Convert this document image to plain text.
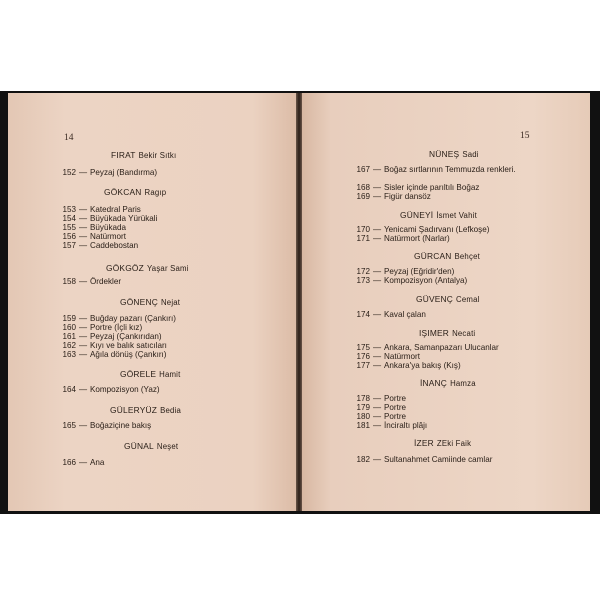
14
FIRAT Bekir Sıtkı
152 — Peyzaj (Bandırma)
GÖKCAN Ragıp
153 — Katedral Paris
154 — Büyükada Yürükali
155 — Büyükada
156 — Natürmort
157 — Caddebostan
GÖKGÖZ Yaşar Sami
158 — Ördekler
GÖNENÇ Nejat
159 — Buğday pazarı (Çankırı)
160 — Portre (İçli kız)
161 — Peyzaj (Çankırıdan)
162 — Kıyı ve balık satıcıları
163 — Ağıla dönüş (Çankırı)
GÖRELE Hamit
164 — Kompozisyon (Yaz)
GÜLERYÜZ Bedia
165 — Boğaziçine bakış
GÜNAL Neşet
166 — Ana
15
NÜNEŞ Sadi
167 — Boğaz sırtlarının Temmuzda renkleri.
168 — Sisler içinde parıltılı Boğaz
169 — Figür dansöz
GÜNEYİ İsmet Vahit
170 — Yenicami Şadırvanı (Lefkoşe)
171 — Natürmort (Narlar)
GÜRCAN Behçet
172 — Peyzaj (Eğridir'den)
173 — Kompozisyon (Antalya)
GÜVENÇ Cemal
174 — Kaval çalan
IŞIMER Necati
175 — Ankara, Samanpazarı Ulucanlar
176 — Natürmort
177 — Ankara'ya bakış (Kış)
İNANÇ Hamza
178 — Portre
179 — Portre
180 — Portre
181 — İnciraltı plâjı
İZER ZEki Faik
182 — Sultanahmet Camiinde camlar
